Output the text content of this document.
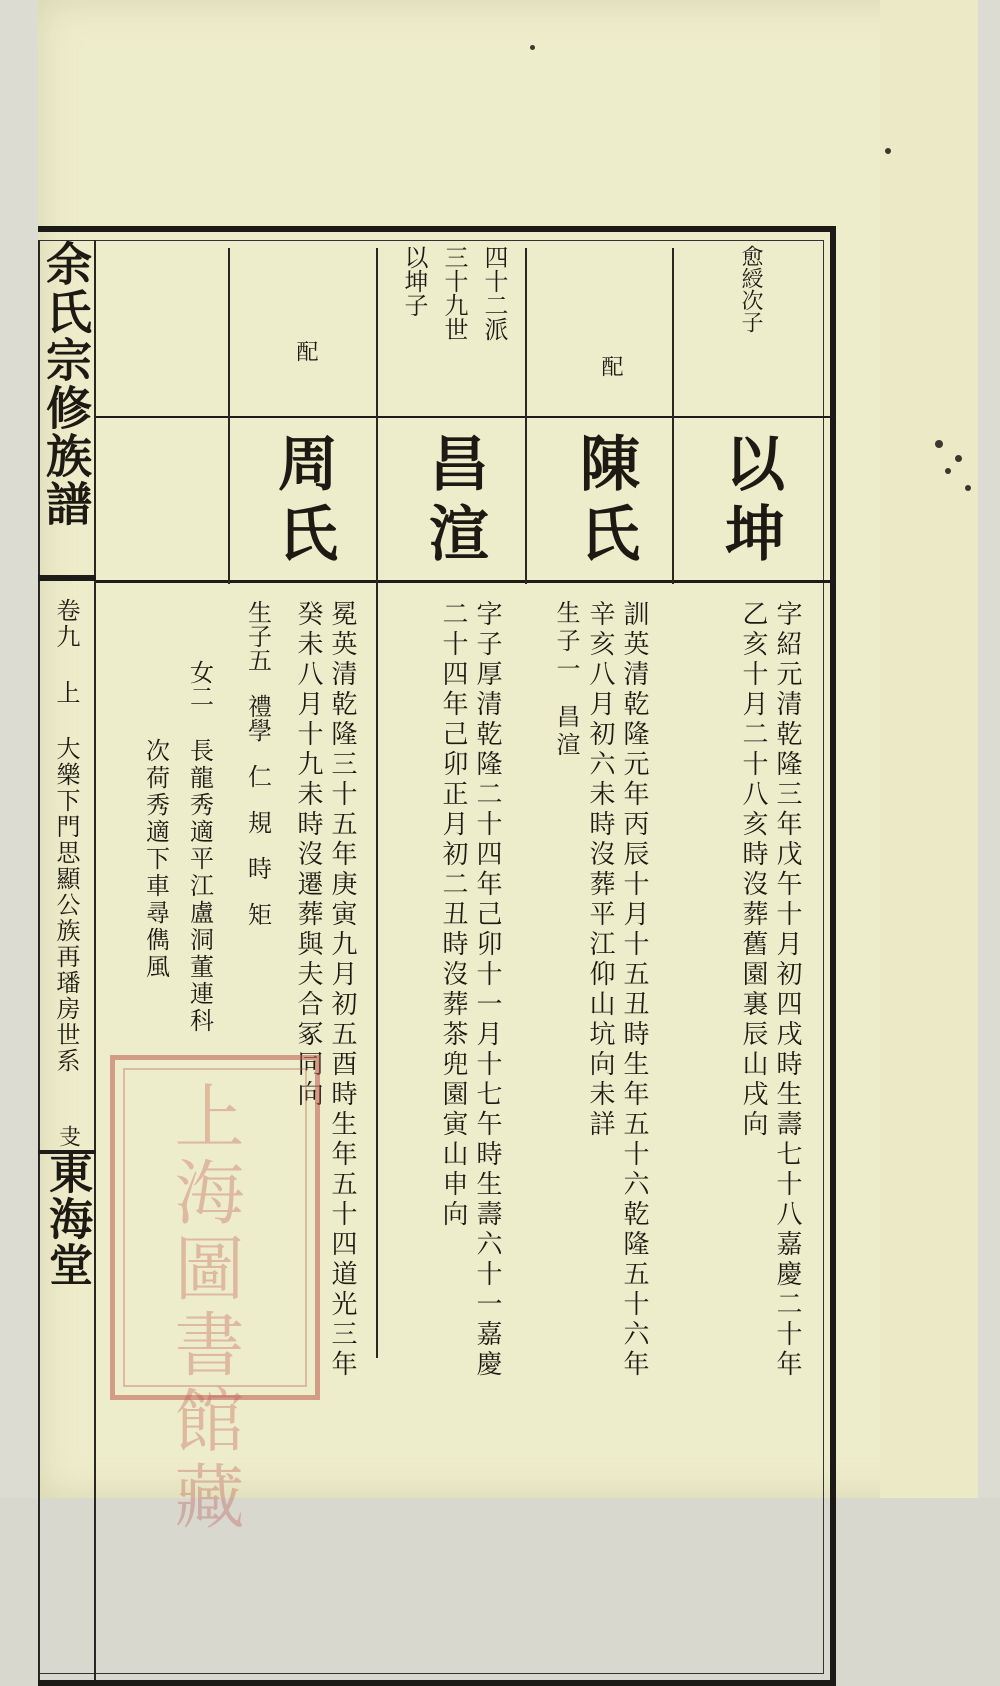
余氏宗修族譜
卷九 上 大樂下門思顯公族再璠房世系
東海堂
叏
愈綬次子
以坤
字紹元清乾隆三年戊午十月初四戌時生壽七十八嘉慶二十年
乙亥十月二十八亥時沒葬舊園裏辰山戌向
配
陳氏
訓英清乾隆元年丙辰十月十五丑時生年五十六乾隆五十六年
辛亥八月初六未時沒葬平江仰山坑向未詳
生子一
昌渲
四十二派
三十九世
以坤子
昌渲
字子厚清乾隆二十四年己卯十一月十七午時生壽六十一嘉慶
二十四年己卯正月初二丑時沒葬茶兜園寅山申向
配
周氏
冕英清乾隆三十五年庚寅九月初五酉時生年五十四道光三年
癸未八月十九未時沒遷葬與夫合冢同向
生子五
禮學
仁
規
時
矩
女二
長龍秀適平江盧洞董連科
次荷秀適下車尋儁風
上海圖書館藏
